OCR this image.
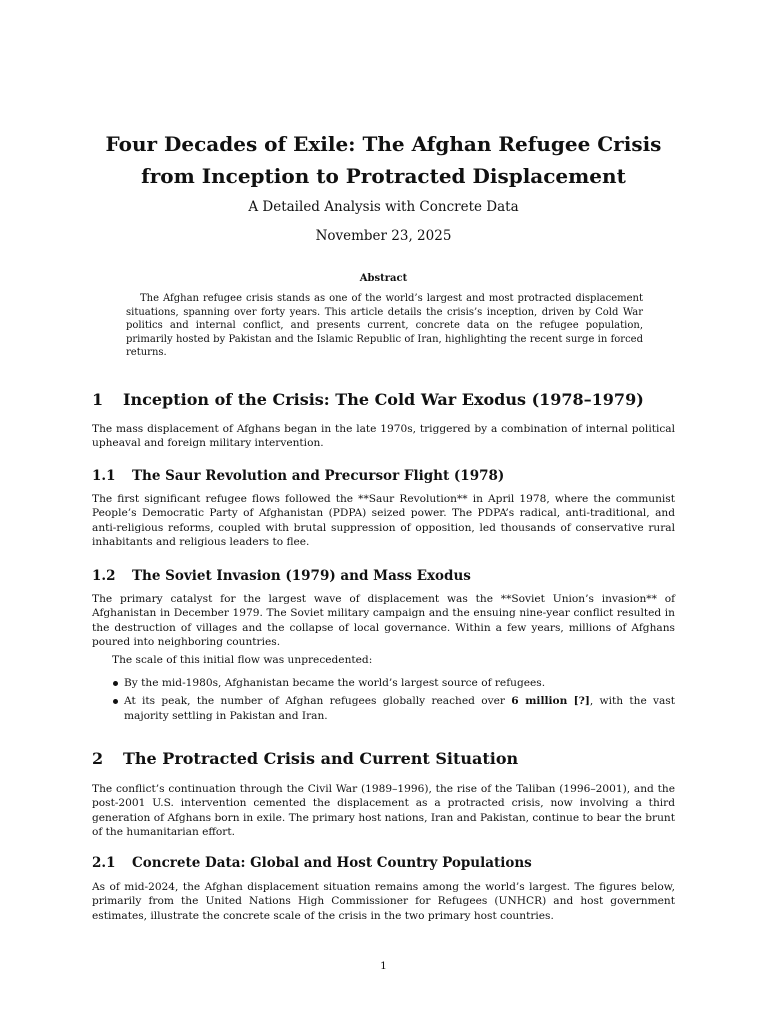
Four Decades of Exile: The Afghan Refugee Crisis from Inception to Protracted Displacement
A Detailed Analysis with Concrete Data
November 23, 2025
Abstract
The Afghan refugee crisis stands as one of the world’s largest and most protracted displacement situations, spanning over forty years. This article details the crisis’s inception, driven by Cold War politics and internal conflict, and presents current, concrete data on the refugee population, primarily hosted by Pakistan and the Islamic Republic of Iran, highlighting the recent surge in forced returns.
1 Inception of the Crisis: The Cold War Exodus (1978–1979)
The mass displacement of Afghans began in the late 1970s, triggered by a combination of internal political upheaval and foreign military intervention.
1.1 The Saur Revolution and Precursor Flight (1978)
The first significant refugee flows followed the **Saur Revolution** in April 1978, where the communist People’s Democratic Party of Afghanistan (PDPA) seized power. The PDPA’s radical, anti-traditional, and anti-religious reforms, coupled with brutal suppression of opposition, led thousands of conservative rural inhabitants and religious leaders to flee.
1.2 The Soviet Invasion (1979) and Mass Exodus
The primary catalyst for the largest wave of displacement was the **Soviet Union’s invasion** of Afghanistan in December 1979. The Soviet military campaign and the ensuing nine-year conflict resulted in the destruction of villages and the collapse of local governance. Within a few years, millions of Afghans poured into neighboring countries.
The scale of this initial flow was unprecedented:
By the mid-1980s, Afghanistan became the world’s largest source of refugees.
At its peak, the number of Afghan refugees globally reached over 6 million [?], with the vast majority settling in Pakistan and Iran.
2 The Protracted Crisis and Current Situation
The conflict’s continuation through the Civil War (1989–1996), the rise of the Taliban (1996–2001), and the post-2001 U.S. intervention cemented the displacement as a protracted crisis, now involving a third generation of Afghans born in exile. The primary host nations, Iran and Pakistan, continue to bear the brunt of the humanitarian effort.
2.1 Concrete Data: Global and Host Country Populations
As of mid-2024, the Afghan displacement situation remains among the world’s largest. The figures below, primarily from the United Nations High Commissioner for Refugees (UNHCR) and host government estimates, illustrate the concrete scale of the crisis in the two primary host countries.
1
